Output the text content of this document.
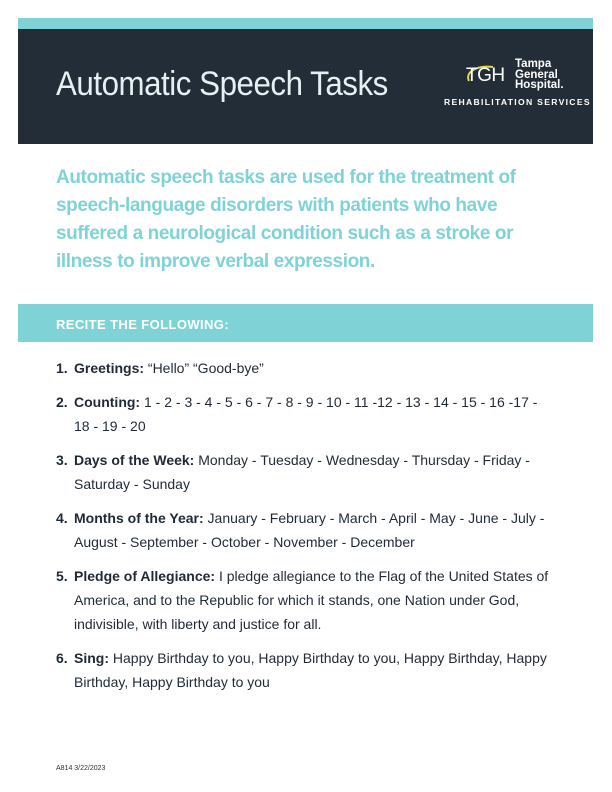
Automatic Speech Tasks	TGH
Tampa
General
Hospital.
REHABILITATION SERVICES
Automatic speech tasks are used for the treatment of speech-language disorders with patients who have suffered a neurological condition such as a stroke or illness to improve verbal expression.
RECITE THE FOLLOWING:
1. Greetings: “Hello” “Good-bye”
2. Counting: 1 - 2 - 3 - 4 - 5 - 6 - 7 - 8 - 9 - 10 - 11 -12 - 13 - 14 - 15 - 16 -17 - 18 - 19 - 20
3. Days of the Week: Monday - Tuesday - Wednesday - Thursday - Friday - Saturday - Sunday
4. Months of the Year: January - February - March - April - May - June - July - August - September - October - November - December
5. Pledge of Allegiance: I pledge allegiance to the Flag of the United States of America, and to the Republic for which it stands, one Nation under God, indivisible, with liberty and justice for all.
6. Sing: Happy Birthday to you, Happy Birthday to you, Happy Birthday, Happy Birthday, Happy Birthday to you
A814 3/22/2023
